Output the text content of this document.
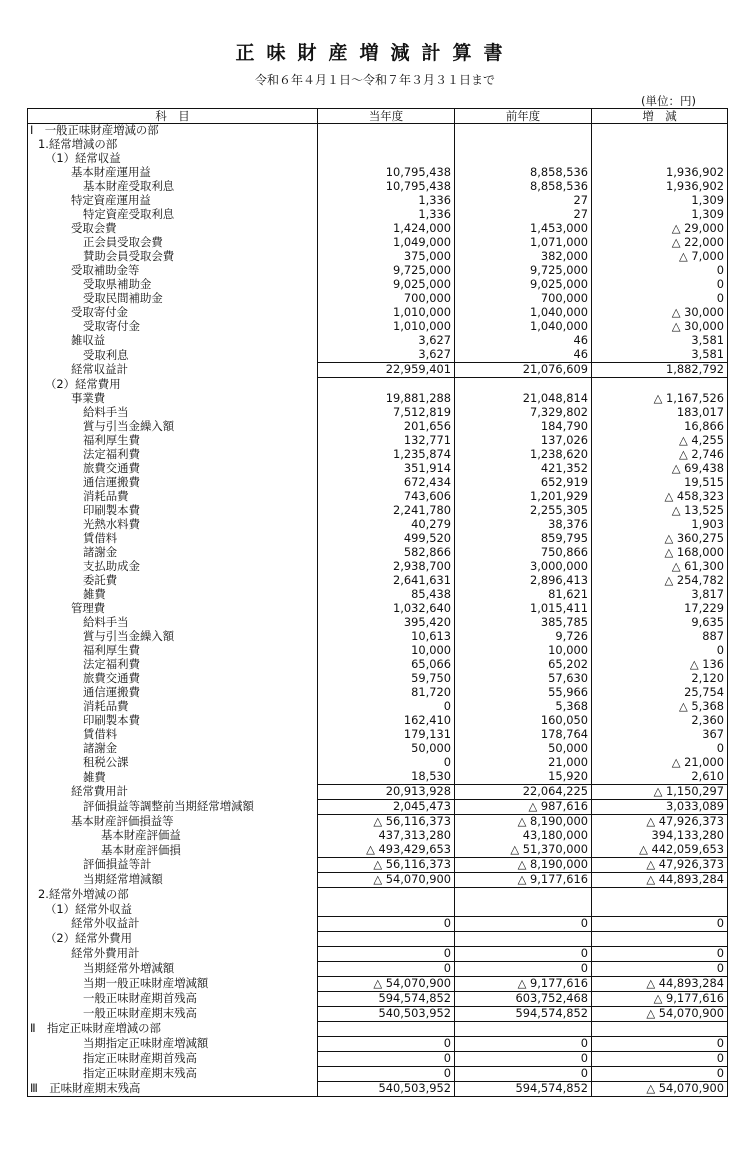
正味財産増減計算書
令和６年４月１日～令和７年３月３１日まで
(単位：円)
科　目	当年度	前年度	増　減
Ⅰ　一般正味財産増減の部			
1.経常増減の部			
（1）経常収益			
基本財産運用益	10,795,438	8,858,536	1,936,902
基本財産受取利息	10,795,438	8,858,536	1,936,902
特定資産運用益	1,336	27	1,309
特定資産受取利息	1,336	27	1,309
受取会費	1,424,000	1,453,000	△ 29,000
正会員受取会費	1,049,000	1,071,000	△ 22,000
賛助会員受取会費	375,000	382,000	△ 7,000
受取補助金等	9,725,000	9,725,000	0
受取県補助金	9,025,000	9,025,000	0
受取民間補助金	700,000	700,000	0
受取寄付金	1,010,000	1,040,000	△ 30,000
受取寄付金	1,010,000	1,040,000	△ 30,000
雑収益	3,627	46	3,581
受取利息	3,627	46	3,581
経常収益計	22,959,401	21,076,609	1,882,792
（2）経常費用			
事業費	19,881,288	21,048,814	△ 1,167,526
給料手当	7,512,819	7,329,802	183,017
賞与引当金繰入額	201,656	184,790	16,866
福利厚生費	132,771	137,026	△ 4,255
法定福利費	1,235,874	1,238,620	△ 2,746
旅費交通費	351,914	421,352	△ 69,438
通信運搬費	672,434	652,919	19,515
消耗品費	743,606	1,201,929	△ 458,323
印刷製本費	2,241,780	2,255,305	△ 13,525
光熱水料費	40,279	38,376	1,903
賃借料	499,520	859,795	△ 360,275
諸謝金	582,866	750,866	△ 168,000
支払助成金	2,938,700	3,000,000	△ 61,300
委託費	2,641,631	2,896,413	△ 254,782
雑費	85,438	81,621	3,817
管理費	1,032,640	1,015,411	17,229
給料手当	395,420	385,785	9,635
賞与引当金繰入額	10,613	9,726	887
福利厚生費	10,000	10,000	0
法定福利費	65,066	65,202	△ 136
旅費交通費	59,750	57,630	2,120
通信運搬費	81,720	55,966	25,754
消耗品費	0	5,368	△ 5,368
印刷製本費	162,410	160,050	2,360
賃借料	179,131	178,764	367
諸謝金	50,000	50,000	0
租税公課	0	21,000	△ 21,000
雑費	18,530	15,920	2,610
経常費用計	20,913,928	22,064,225	△ 1,150,297
評価損益等調整前当期経常増減額	2,045,473	△ 987,616	3,033,089
基本財産評価損益等	△ 56,116,373	△ 8,190,000	△ 47,926,373
基本財産評価益	437,313,280	43,180,000	394,133,280
基本財産評価損	△ 493,429,653	△ 51,370,000	△ 442,059,653
評価損益等計	△ 56,116,373	△ 8,190,000	△ 47,926,373
当期経常増減額	△ 54,070,900	△ 9,177,616	△ 44,893,284
2.経常外増減の部			
（1）経常外収益			
経常外収益計	0	0	0
（2）経常外費用			
経常外費用計	0	0	0
当期経常外増減額	0	0	0
当期一般正味財産増減額	△ 54,070,900	△ 9,177,616	△ 44,893,284
一般正味財産期首残高	594,574,852	603,752,468	△ 9,177,616
一般正味財産期末残高	540,503,952	594,574,852	△ 54,070,900
Ⅱ　指定正味財産増減の部			
当期指定正味財産増減額	0	0	0
指定正味財産期首残高	0	0	0
指定正味財産期末残高	0	0	0
Ⅲ　正味財産期末残高	540,503,952	594,574,852	△ 54,070,900
